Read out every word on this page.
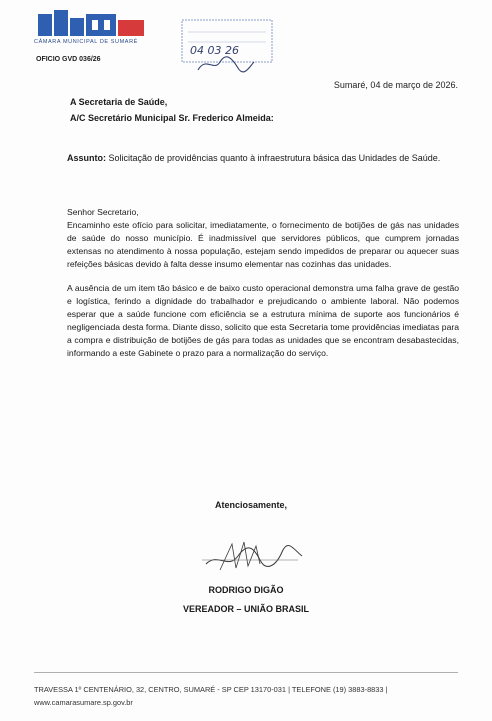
CÂMARA MUNICIPAL DE SUMARÉ
OFICIO GVD 036/26
04 03 26
Sumaré, 04 de março de 2026.
A Secretaria de Saúde,
A/C Secretário Municipal Sr. Frederico Almeida:
Assunto: Solicitação de providências quanto à infraestrutura básica das Unidades de Saúde.

Senhor Secretario,

Encaminho este ofício para solicitar, imediatamente, o fornecimento de botijões de gás nas unidades de saúde do nosso município. É inadmissível que servidores públicos, que cumprem jornadas extensas no atendimento à nossa população, estejam sendo impedidos de preparar ou aquecer suas refeições básicas devido à falta desse insumo elementar nas cozinhas das unidades.

A ausência de um item tão básico e de baixo custo operacional demonstra uma falha grave de gestão e logística, ferindo a dignidade do trabalhador e prejudicando o ambiente laboral. Não podemos esperar que a saúde funcione com eficiência se a estrutura mínima de suporte aos funcionários é negligenciada desta forma. Diante disso, solicito que esta Secretaria tome providências imediatas para a compra e distribuição de botijões de gás para todas as unidades que se encontram desabastecidas, informando a este Gabinete o prazo para a normalização do serviço.

Atenciosamente,
RODRIGO DIGÃO
VEREADOR – UNIÃO BRASIL
TRAVESSA 1º CENTENÁRIO, 32, CENTRO, SUMARÉ - SP CEP 13170-031 | TELEFONE (19) 3883-8833 |
www.camarasumare.sp.gov.br
